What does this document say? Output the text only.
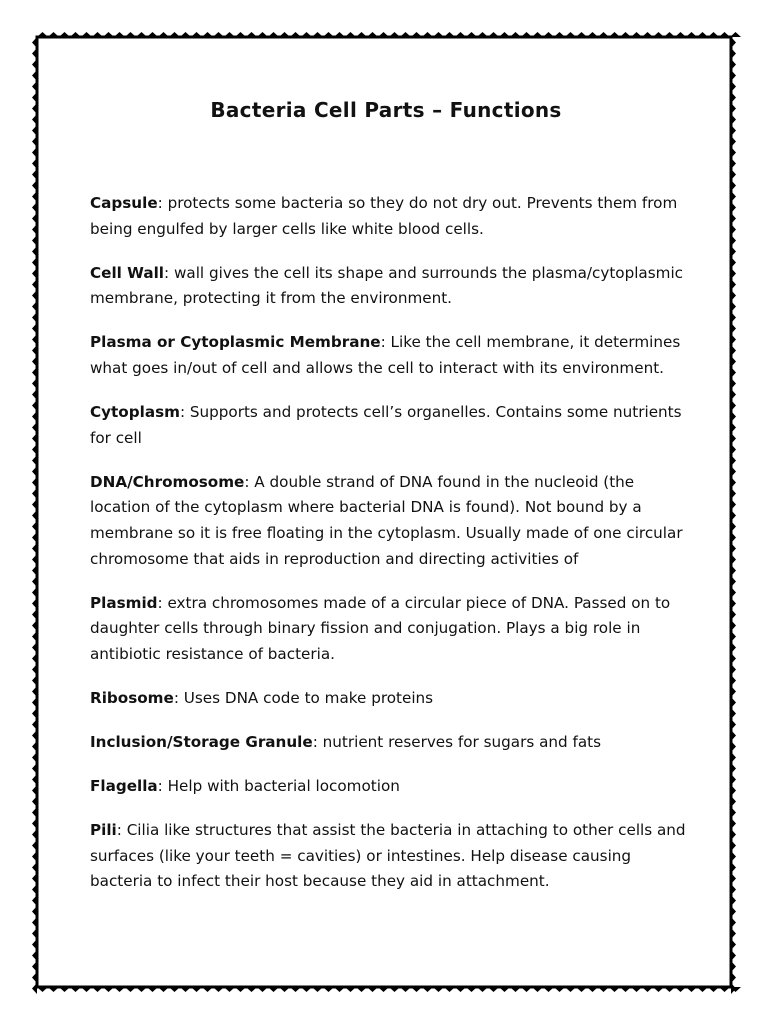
Bacteria Cell Parts – Functions

Capsule: protects some bacteria so they do not dry out. Prevents them from being engulfed by larger cells like white blood cells.

Cell Wall: wall gives the cell its shape and surrounds the plasma/cytoplasmic membrane, protecting it from the environment.

Plasma or Cytoplasmic Membrane: Like the cell membrane, it determines what goes in/out of cell and allows the cell to interact with its environment.

Cytoplasm: Supports and protects cell’s organelles. Contains some nutrients for cell

DNA/Chromosome: A double strand of DNA found in the nucleoid (the location of the cytoplasm where bacterial DNA is found). Not bound by a membrane so it is free floating in the cytoplasm. Usually made of one circular chromosome that aids in reproduction and directing activities of

Plasmid: extra chromosomes made of a circular piece of DNA. Passed on to daughter cells through binary fission and conjugation. Plays a big role in antibiotic resistance of bacteria.

Ribosome: Uses DNA code to make proteins

Inclusion/Storage Granule: nutrient reserves for sugars and fats

Flagella: Help with bacterial locomotion

Pili: Cilia like structures that assist the bacteria in attaching to other cells and surfaces (like your teeth = cavities) or intestines. Help disease causing bacteria to infect their host because they aid in attachment.
